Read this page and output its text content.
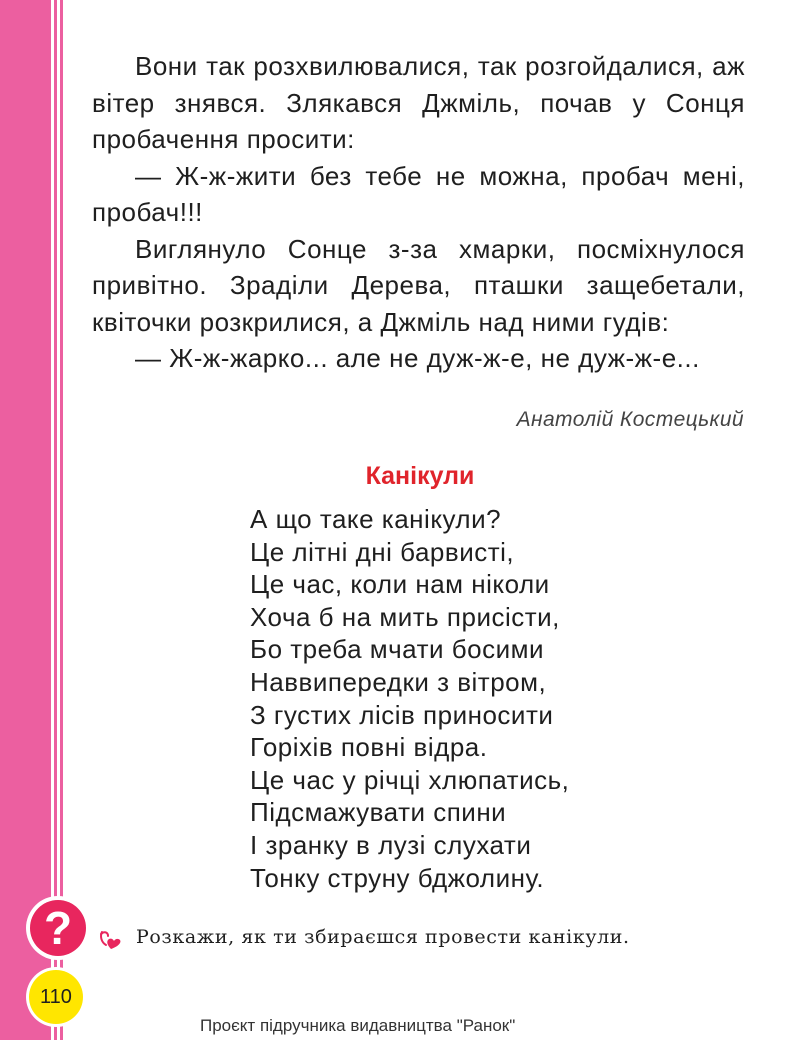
Вони так розхвилювалися, так розгойдалися, аж вітер знявся. Злякався Джміль, почав у Сонця пробачення просити:

— Ж-ж-жити без тебе не можна, пробач мені, пробач!!!

Виглянуло Сонце з-за хмарки, посміхнулося привітно. Зраділи Дерева, пташки защебетали, квіточки розкрилися, а Джміль над ними гудів:

— Ж-ж-жарко... але не дуж-ж-е, не дуж-ж-е...

Анатолій Костецький
Канікули
А що таке канікули?
Це літні дні барвисті,
Це час, коли нам ніколи
Хоча б на мить присісти,
Бо треба мчати босими
Наввипередки з вітром,
З густих лісів приносити
Горіхів повні відра.
Це час у річці хлюпатись,
Підсмажувати спини
І зранку в лузі слухати
Тонку струну бджолину.
?	Розкажи, як ти збираєшся провести канікули.
110
Проєкт підручника видавництва "Ранок"
